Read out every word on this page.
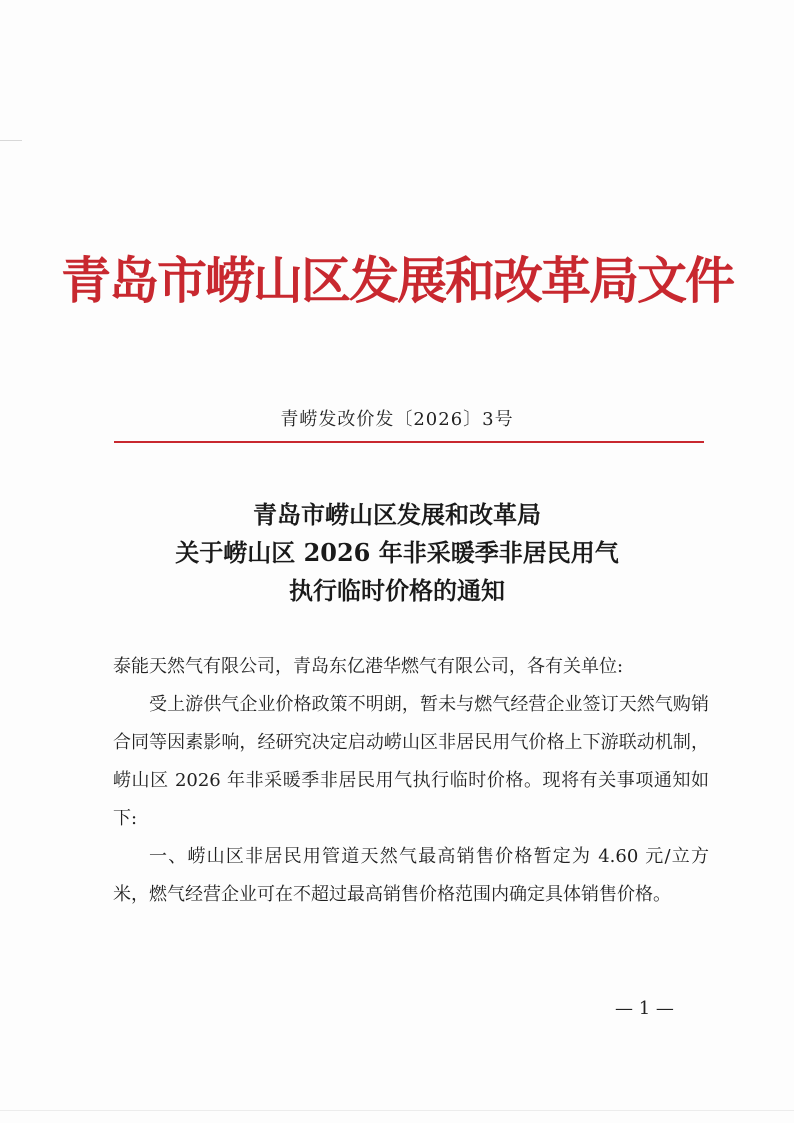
青岛市崂山区发展和改革局文件
青崂发改价发〔2026〕3号
青岛市崂山区发展和改革局
关于崂山区 2026 年非采暖季非居民用气
执行临时价格的通知

泰能天然气有限公司，青岛东亿港华燃气有限公司，各有关单位:

受上游供气企业价格政策不明朗，暂未与燃气经营企业签订天然气购销合同等因素影响，经研究决定启动崂山区非居民用气价格上下游联动机制，崂山区 2026 年非采暖季非居民用气执行临时价格。现将有关事项通知如下:

一、崂山区非居民用管道天然气最高销售价格暂定为 4.60 元/立方米，燃气经营企业可在不超过最高销售价格范围内确定具体销售价格。

— 1 —
